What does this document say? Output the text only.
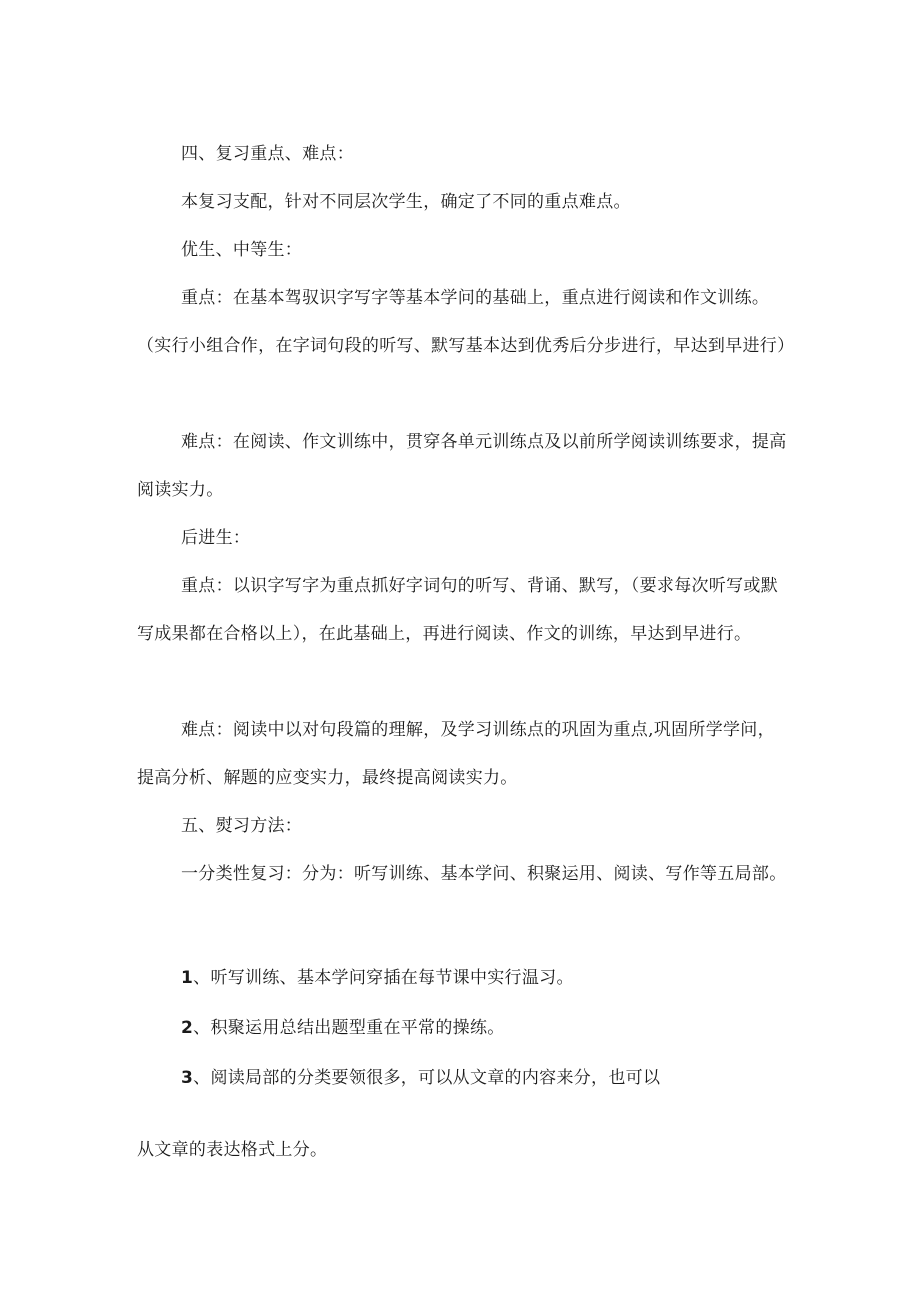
四、复习重点、难点：

本复习支配，针对不同层次学生，确定了不同的重点难点。

优生、中等生：

重点：在基本驾驭识字写字等基本学问的基础上，重点进行阅读和作文训练。（实行小组合作，在字词句段的听写、默写基本达到优秀后分步进行，早达到早进行）

难点：在阅读、作文训练中，贯穿各单元训练点及以前所学阅读训练要求，提高阅读实力。

后进生：

重点：以识字写字为重点抓好字词句的听写、背诵、默写，（要求每次听写或默写成果都在合格以上），在此基础上，再进行阅读、作文的训练，早达到早进行。

难点：阅读中以对句段篇的理解，及学习训练点的巩固为重点,巩固所学学问，提高分析、解题的应变实力，最终提高阅读实力。

五、熨习方法：

一分类性复习：分为：听写训练、基本学问、积聚运用、阅读、写作等五局部。

1、听写训练、基本学问穿插在每节课中实行温习。

2、积聚运用总结出题型重在平常的操练。

3、阅读局部的分类要领很多，可以从文章的内容来分，也可以

从文章的表达格式上分。
